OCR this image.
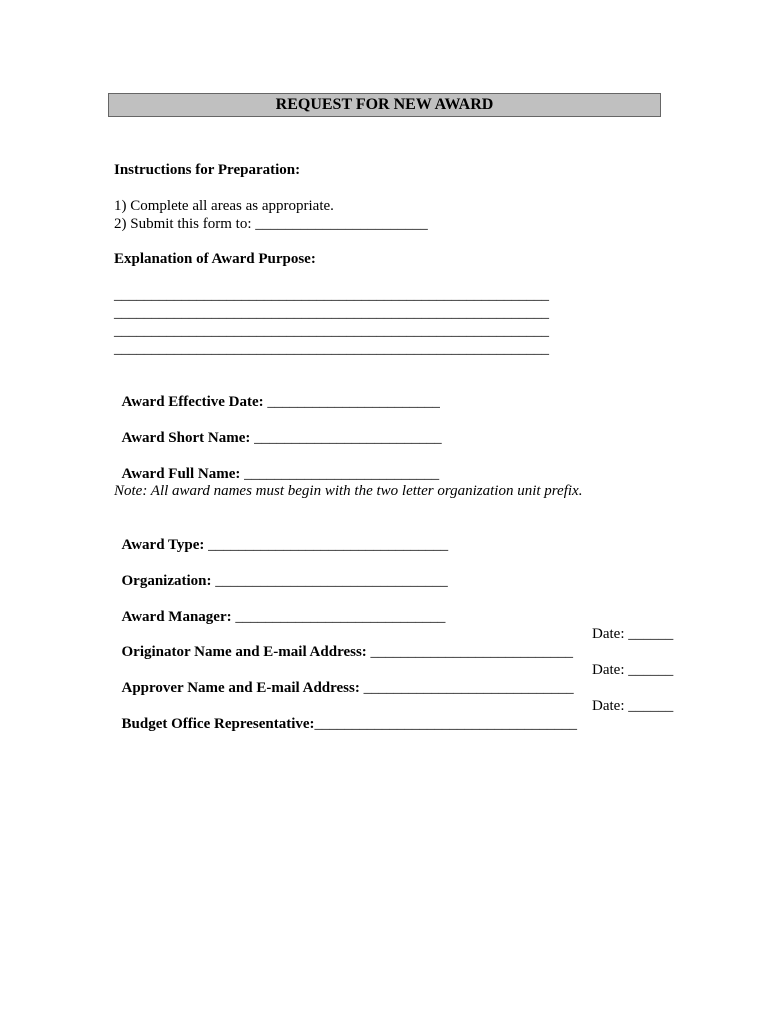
REQUEST FOR NEW AWARD
Instructions for Preparation:
1) Complete all areas as appropriate.
2) Submit this form to: _______________________
Explanation of Award Purpose:
__________________________________________________________
__________________________________________________________
__________________________________________________________
__________________________________________________________

Award Effective Date: _______________________

Award Short Name: _________________________

Award Full Name: __________________________

Note: All award names must begin with the two letter organization unit prefix.

Award Type: ________________________________

Organization: _______________________________

Award Manager: ____________________________

Originator Name and E-mail Address: ___________________________

Date: ______

Approver Name and E-mail Address: ____________________________

Date: ______

Budget Office Representative:___________________________________

Date: ______
